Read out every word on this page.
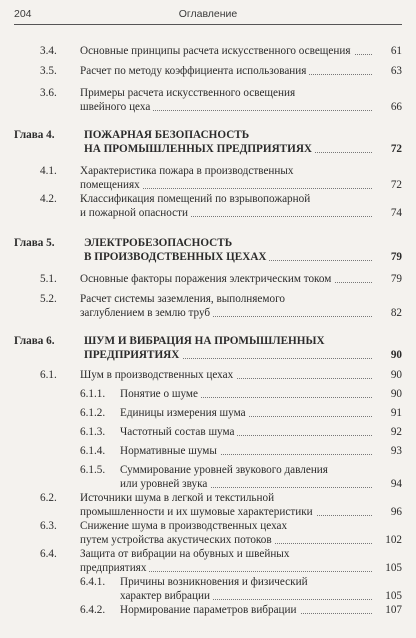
204	Оглавление
3.4. Основные принципы расчета искусственного освещения	61
3.5. Расчет по методу коэффициента использования	63
3.6. Примеры расчета искусственного освещения
швейного цеха	66
Глава 4.	ПОЖАРНАЯ БЕЗОПАСНОСТЬ
НА ПРОМЫШЛЕННЫХ ПРЕДПРИЯТИЯХ	72
4.1. Характеристика пожара в производственных
помещениях	72
4.2. Классификация помещений по взрывопожарной
и пожарной опасности	74
Глава 5.	ЭЛЕКТРОБЕЗОПАСНОСТЬ
В ПРОИЗВОДСТВЕННЫХ ЦЕХАХ	79
5.1. Основные факторы поражения электрическим током	79
5.2. Расчет системы заземления, выполняемого
заглублением в землю труб	82
Глава 6.	ШУМ И ВИБРАЦИЯ НА ПРОМЫШЛЕННЫХ
ПРЕДПРИЯТИЯХ	90
6.1. Шум в производственных цехах	90
6.1.1. Понятие о шуме	90
6.1.2. Единицы измерения шума	91
6.1.3. Частотный состав шума	92
6.1.4. Нормативные шумы	93
6.1.5. Суммирование уровней звукового давления
или уровней звука	94
6.2. Источники шума в легкой и текстильной
промышленности и их шумовые характеристики	96
6.3. Снижение шума в производственных цехах
путем устройства акустических потоков	102
6.4. Защита от вибрации на обувных и швейных
предприятиях	105
6.4.1. Причины возникновения и физический
характер вибрации	105
6.4.2. Нормирование параметров вибрации	107
